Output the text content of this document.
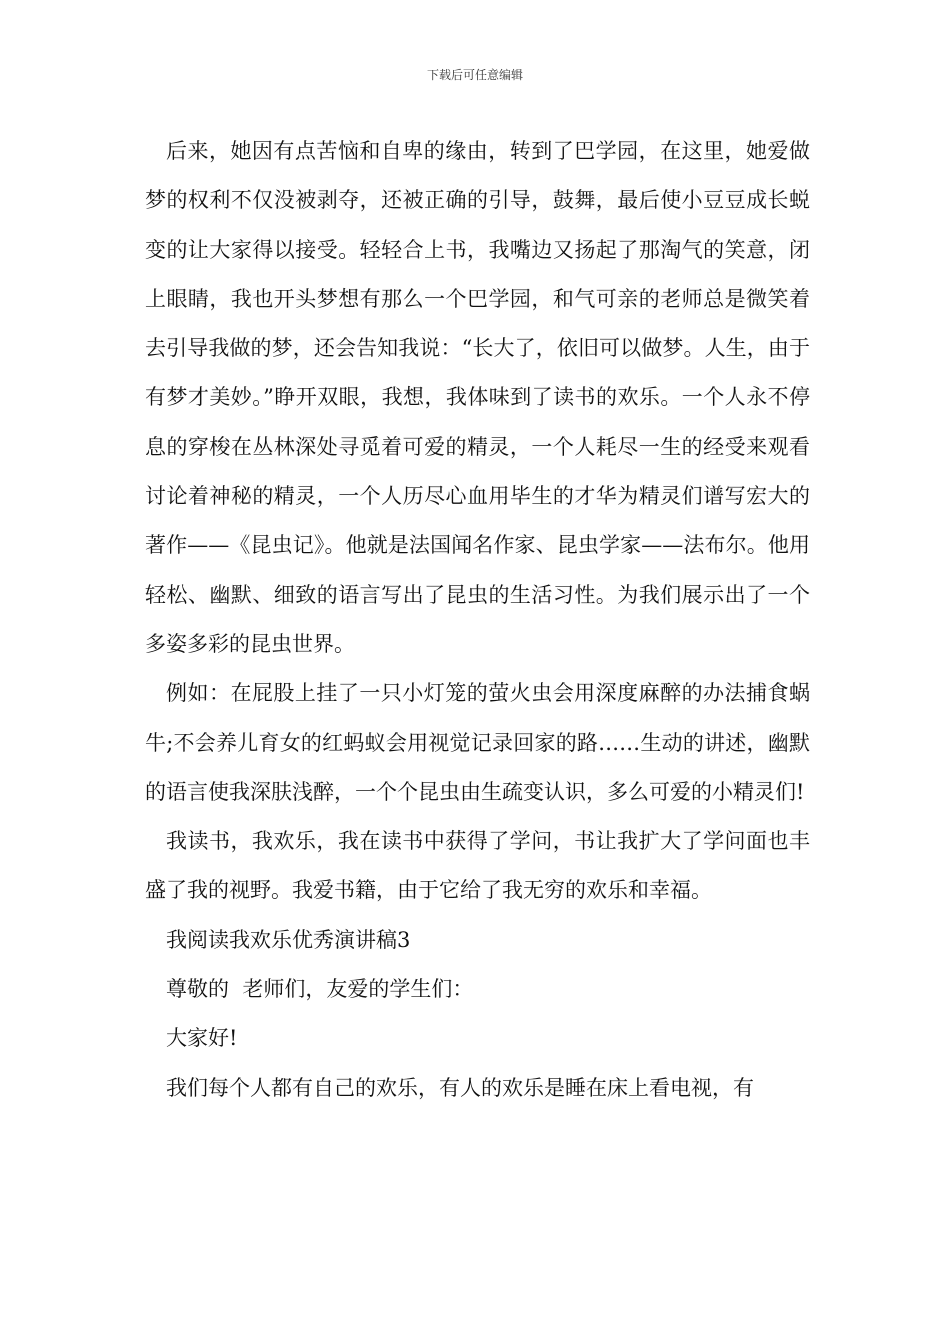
下载后可任意编辑

后来，她因有点苦恼和自卑的缘由，转到了巴学园，在这里，她爱做梦的权利不仅没被剥夺，还被正确的引导，鼓舞，最后使小豆豆成长蜕变的让大家得以接受。轻轻合上书，我嘴边又扬起了那淘气的笑意，闭上眼睛，我也开头梦想有那么一个巴学园，和气可亲的老师总是微笑着去引导我做的梦，还会告知我说：“长大了，依旧可以做梦。人生，由于有梦才美妙。”睁开双眼，我想，我体味到了读书的欢乐。一个人永不停息的穿梭在丛林深处寻觅着可爱的精灵，一个人耗尽一生的经受来观看讨论着神秘的精灵，一个人历尽心血用毕生的才华为精灵们谱写宏大的著作——《昆虫记》。他就是法国闻名作家、昆虫学家——法布尔。他用轻松、幽默、细致的语言写出了昆虫的生活习性。为我们展示出了一个多姿多彩的昆虫世界。

例如：在屁股上挂了一只小灯笼的萤火虫会用深度麻醉的办法捕食蜗牛;不会养儿育女的红蚂蚁会用视觉记录回家的路……生动的讲述，幽默的语言使我深肤浅醉，一个个昆虫由生疏变认识，多么可爱的小精灵们!

我读书，我欢乐，我在读书中获得了学问，书让我扩大了学问面也丰盛了我的视野。我爱书籍，由于它给了我无穷的欢乐和幸福。

我阅读我欢乐优秀演讲稿3

尊敬的  老师们，友爱的学生们：

大家好!

我们每个人都有自己的欢乐，有人的欢乐是睡在床上看电视，有
